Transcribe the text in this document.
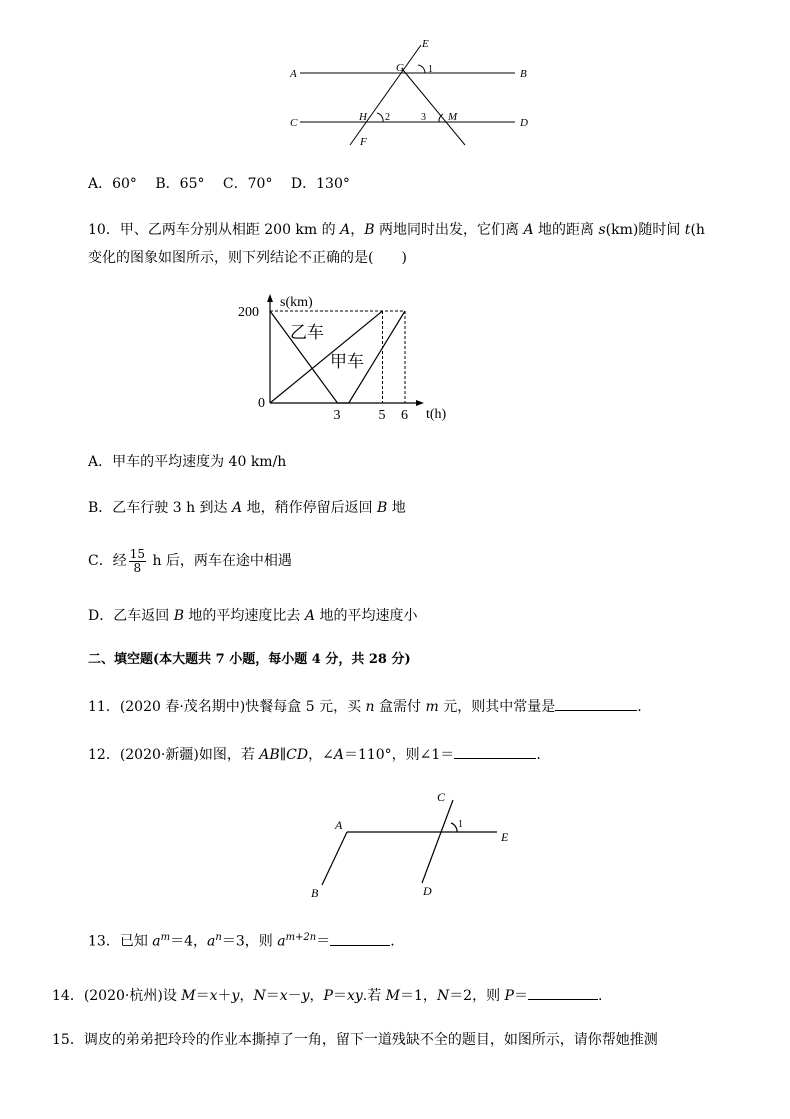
E
A	B
G
C	D
H	M
F
1
2	3
A．60°　 B．65°　 C．70°　 D．130°
10．甲、乙两车分别从相距 200 km 的 A，B 两地同时出发，它们离 A 地的距离 s(km)随时间 t(h
变化的图象如图所示，则下列结论不正确的是(　　)
s(km)
t(h)
200
0
3	5 6
乙车
甲车
A．甲车的平均速度为 40 km/h
B．乙车行驶 3 h 到达 A 地，稍作停留后返回 B 地
C．经 $\frac{15}{8}$ h 后，两车在途中相遇
D．乙车返回 B 地的平均速度比去 A 地的平均速度小
二、填空题(本大题共 7 小题，每小题 4 分，共 28 分)
11．(2020 春·茂名期中)快餐每盒 5 元，买 n 盒需付 m 元，则其中常量是	.
12．(2020·新疆)如图，若 AB∥CD，∠A＝110°，则∠1＝	.
A
B
C
D
E
1
13．已知 $a^m=4$，$a^n=3$，则 $a^{m+2n}=$	.
14．(2020·杭州)设 M＝x＋y，N＝x－y，P＝xy.若 M＝1，N＝2，则 P＝	.
15．调皮的弟弟把玲玲的作业本撕掉了一角，留下一道残缺不全的题目，如图所示，请你帮她推测
